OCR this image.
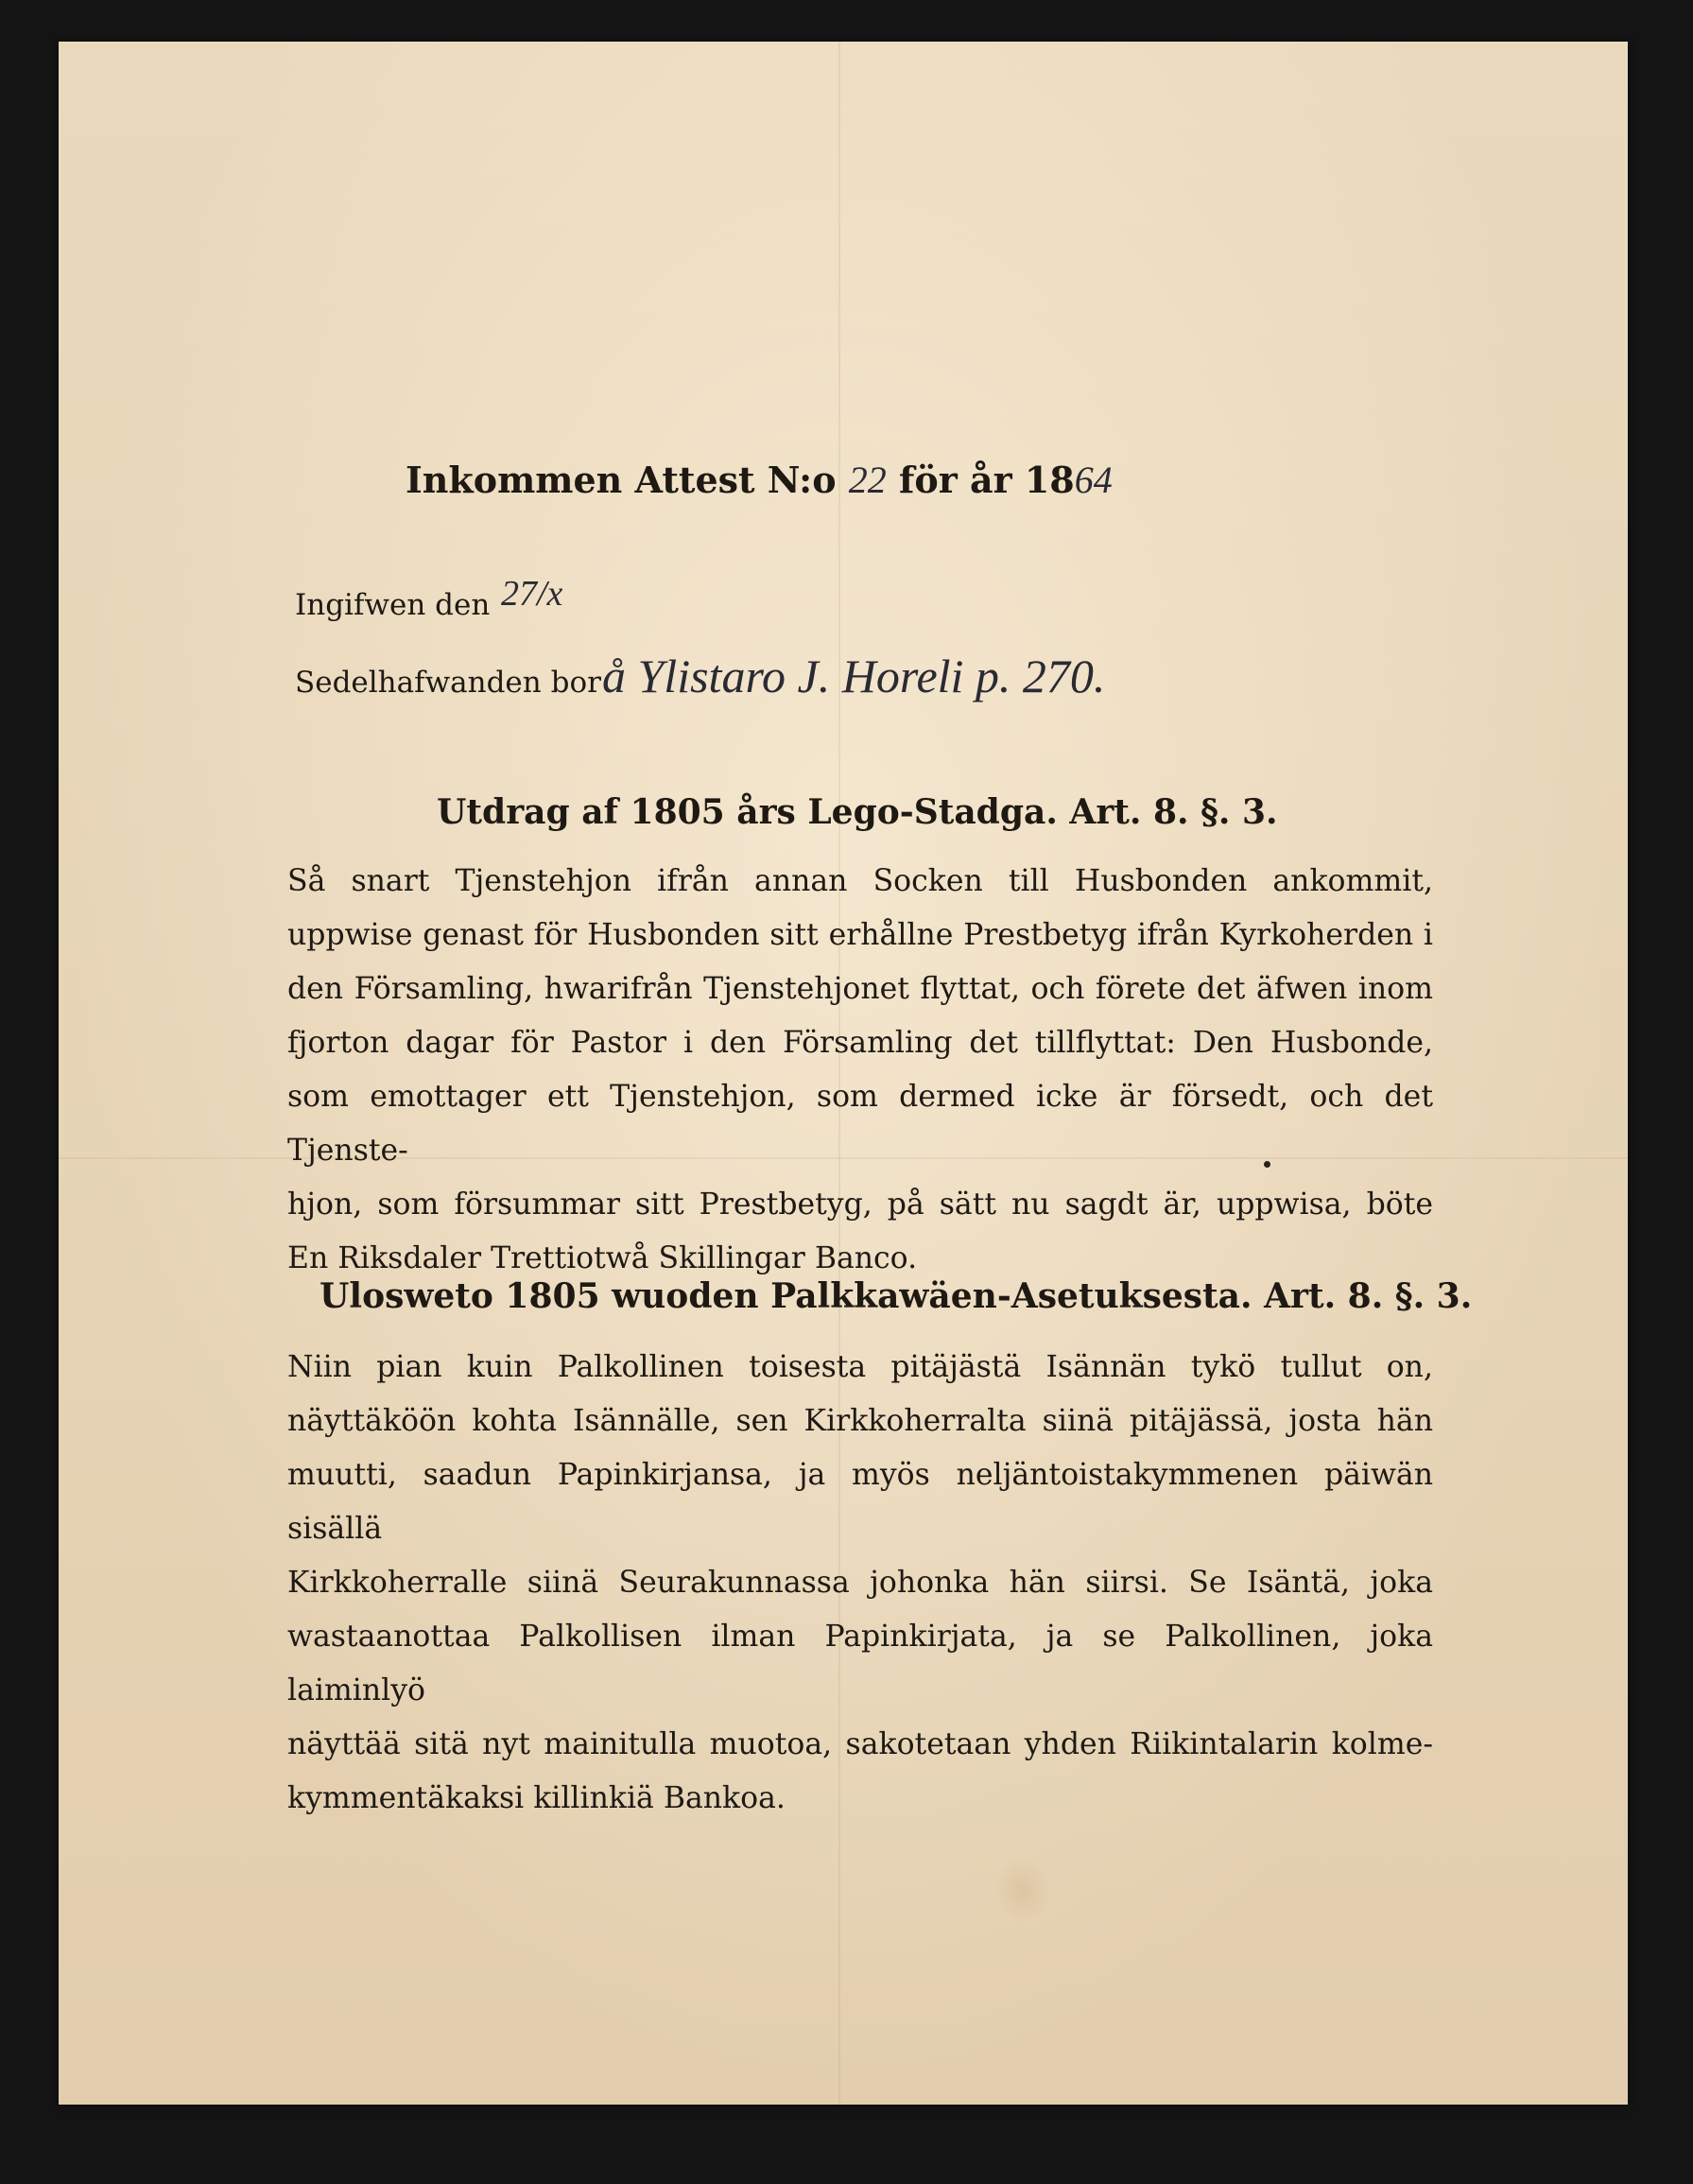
Inkommen Attest N:o 22 för år 1864
Ingifwen den 27/x
Sedelhafwanden bor å Ylistaro J. Horeli p. 270.
Utdrag af 1805 års Lego-Stadga. Art. 8. §. 3.
Så snart Tjenstehjon ifrån annan Socken till Husbonden ankommit,
uppwise genast för Husbonden sitt erhållne Prestbetyg ifrån Kyrkoherden i
den Församling, hwarifrån Tjenstehjonet flyttat, och förete det äfwen inom
fjorton dagar för Pastor i den Församling det tillflyttat: Den Husbonde,
som emottager ett Tjenstehjon, som dermed icke är försedt, och det Tjenste-
hjon, som försummar sitt Prestbetyg, på sätt nu sagdt är, uppwisa, böte
En Riksdaler Trettiotwå Skillingar Banco.
Ulosweto 1805 wuoden Palkkawäen-Asetuksesta. Art. 8. §. 3.
Niin pian kuin Palkollinen toisesta pitäjästä Isännän tykö tullut on,
näyttäköön kohta Isännälle, sen Kirkkoherralta siinä pitäjässä, josta hän
muutti, saadun Papinkirjansa, ja myös neljäntoistakymmenen päiwän sisällä
Kirkkoherralle siinä Seurakunnassa johonka hän siirsi. Se Isäntä, joka
wastaanottaa Palkollisen ilman Papinkirjata, ja se Palkollinen, joka laiminlyö
näyttää sitä nyt mainitulla muotoa, sakotetaan yhden Riikintalarin kolme-
kymmentäkaksi killinkiä Bankoa.
